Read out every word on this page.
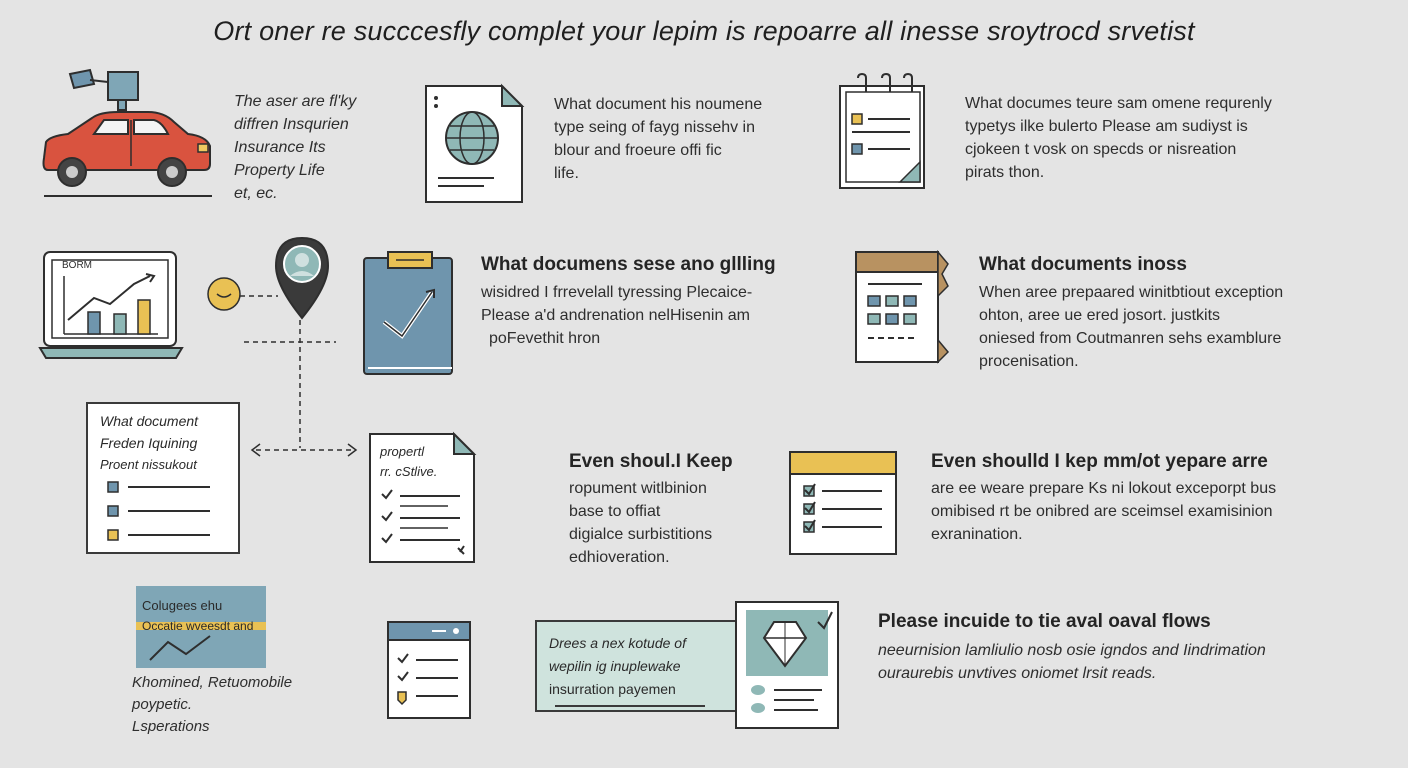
Ort oner re succcesfly complet your lepim is repoarre all inesse sroytrocd srvetist
The aser are fl'ky
diffren Insqurien
Insurance Its
Property Life
et, ec.
What document his noumene
type seing of fayg nissehv in
blour and froeure offi fic
life.
What documes teure sam omene requrenly
typetys ilke bulerto Please am sudiyst is
cjokeen t vosk on specds or nisreation
pirats thon.
BORM	What documens sese ano gllling
wisidred I frrevelall tyressing Plecaice-
Please a'd andrenation nelHisenin am
poFevethit hron
What documents inoss
When aree prepaared winitbtiout exception
ohton, aree ue ered josort. justkits
oniesed from Coutmanren sehs examblure
procenisation.
What document
Freden Iquining
Proent nissukout
propertl
rr. cStlive.	Even shoul.I Keep
ropument witlbinion
base to offiat
digialce surbistitions
edhioveration.
Even shoulld I kep mm/ot yepare arre
are ee weare prepare Ks ni lokout exceporpt bus
omibised rt be onibred are sceimsel examisinion
exranination.
Colugees ehu
Occatie wveesdt and
Khomined, Retuomobile
poypetic.
Lsperations
Drees a nex kotude of
wepilin ig inuplewake
insurration payemen
Please incuide to tie aval oaval flows
neeurnision lamliulio nosb osie igndos and Iindrimation
ouraurebis unvtives oniomet lrsit reads.
